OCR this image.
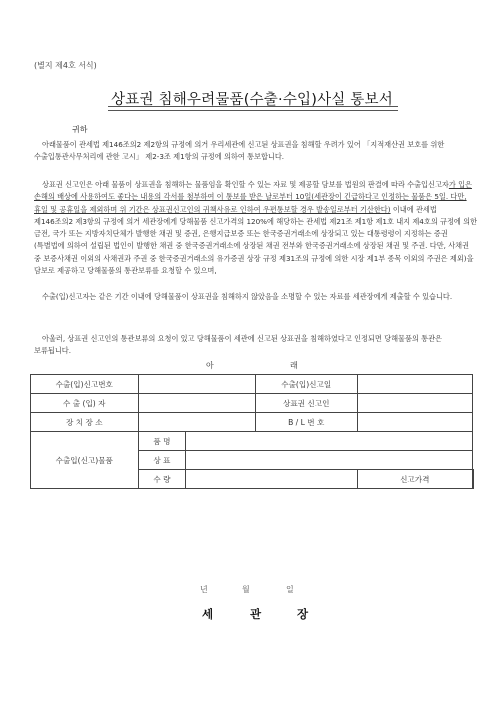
(별지 제4호 서식)
상표권 침해우려물품(수출·수입)사실 통보서
귀하

아래물품이 관세법 제146조의2 제2항의 규정에 의거 우리세관에 신고된 상표권을 침해할 우려가 있어 「지적재산권 보호를 위한 수출입통관사무처리에 관한 고시」 제2-3조 제1항의 규정에 의하여 통보합니다.

상표권 신고인은 아래 물품이 상표권을 침해하는 물품임을 확인할 수 있는 자료 및 제공할 담보를 법원의 판결에 따라 수출입신고자가 입은 손해의 배상에 사용하여도 좋다는 내용의 각서를 첨부하여 이 통보를 받은 날로부터 10일(세관장이 긴급하다고 인정하는 물품은 5일. 다만, 휴일 및 공휴일을 제외하며 위 기간은 상표권신고인의 귀책사유로 인하여 우편통보할 경우 발송일로부터 기산한다) 이내에 관세법 제146조의2 제3항의 규정에 의거 세관장에게 당해물품 신고가격의 120%에 해당하는 관세법 제21조 제1항 제1호 내지 제4호의 규정에 의한 금전, 국가 또는 지방자치단체가 발행한 채권 및 증권, 은행지급보증 또는 한국증권거래소에 상장되고 있는 대통령령이 지정하는 증권(특별법에 의하여 설립된 법인이 발행한 채권 중 한국증권거래소에 상장된 채권 전부와 한국증권거래소에 상장된 채권 및 주권. 다만, 사채권 중 보증사채권 이외의 사채권과 주권 중 한국증권거래소의 유가증권 상장 규정 제31조의 규정에 의한 시장 제1부 종목 이외의 주권은 제외)을 담보로 제공하고 당해물품의 통관보류를 요청할 수 있으며,

수출(입)신고자는 같은 기간 이내에 당해물품이 상표권을 침해하지 않았음을 소명할 수 있는 자료를 세관장에게 제출할 수 있습니다.

아울러, 상표권 신고인의 통관보류의 요청이 있고 당해물품이 세관에 신고된 상표권을 침해하였다고 인정되면 당해물품의 통관은 보류됩니다.

아	래
수출(입)신고번호			수출(입)신고일		
수 출 (입) 자			상표권 신고인		
장 치 장 소			B / L 번 호		
수출입(신고)물품	품 명				
	상 표				
	수 량			신고가격	
년	월	일
세	관	장
